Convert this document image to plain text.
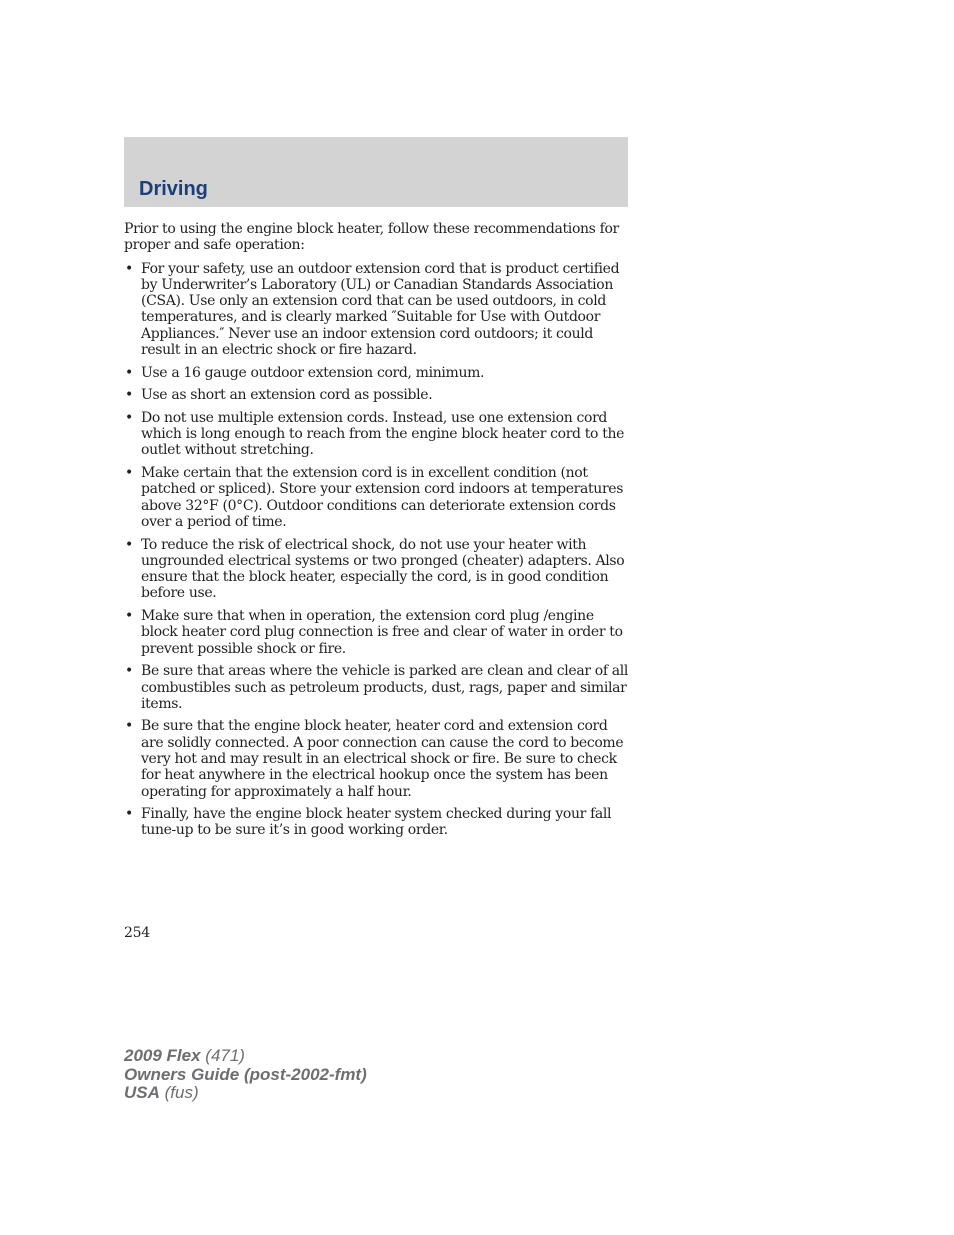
Driving

Prior to using the engine block heater, follow these recommendations for proper and safe operation:

• For your safety, use an outdoor extension cord that is product certified by Underwriter’s Laboratory (UL) or Canadian Standards Association (CSA). Use only an extension cord that can be used outdoors, in cold temperatures, and is clearly marked ″Suitable for Use with Outdoor Appliances.″ Never use an indoor extension cord outdoors; it could result in an electric shock or fire hazard.
• Use a 16 gauge outdoor extension cord, minimum.
• Use as short an extension cord as possible.
• Do not use multiple extension cords. Instead, use one extension cord which is long enough to reach from the engine block heater cord to the outlet without stretching.
• Make certain that the extension cord is in excellent condition (not patched or spliced). Store your extension cord indoors at temperatures above 32°F (0°C). Outdoor conditions can deteriorate extension cords over a period of time.
• To reduce the risk of electrical shock, do not use your heater with ungrounded electrical systems or two pronged (cheater) adapters. Also ensure that the block heater, especially the cord, is in good condition before use.
• Make sure that when in operation, the extension cord plug /engine block heater cord plug connection is free and clear of water in order to prevent possible shock or fire.
• Be sure that areas where the vehicle is parked are clean and clear of all combustibles such as petroleum products, dust, rags, paper and similar items.
• Be sure that the engine block heater, heater cord and extension cord are solidly connected. A poor connection can cause the cord to become very hot and may result in an electrical shock or fire. Be sure to check for heat anywhere in the electrical hookup once the system has been operating for approximately a half hour.
• Finally, have the engine block heater system checked during your fall tune-up to be sure it’s in good working order.
254
2009 Flex (471)
Owners Guide (post-2002-fmt)
USA (fus)
